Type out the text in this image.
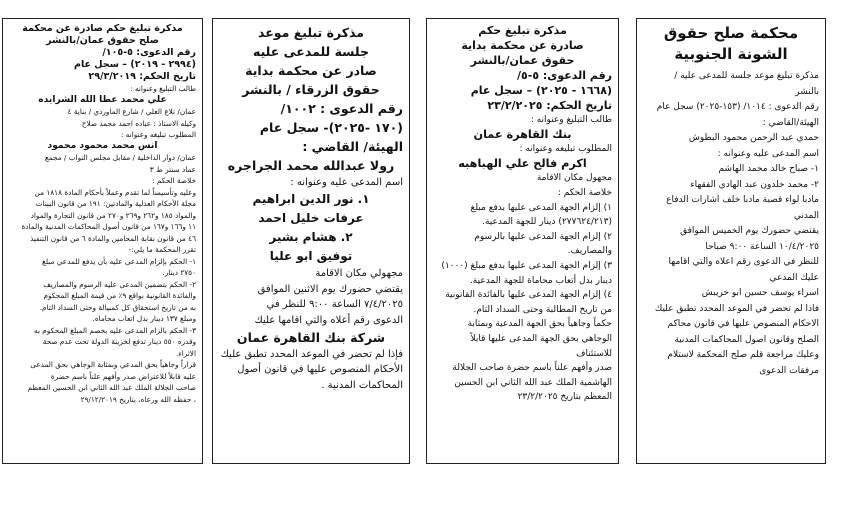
محكمة صلح حقوق

الشونة الجنوبية

مذكرة تبليغ موعد جلسة للمدعى عليه /

بالنشر

رقم الدعوى : ١٠١٤/ (١٥٣-٢٠٢٥) سجل عام

الهيئة/القاضي :

حمدي عبد الرحمن محمود البطوش

اسم المدعى عليه وعنوانه :

١- صباح خالد محمد الهاشم

٢- محمد خلدون عبد الهادي الفقهاء

مادبا لواء قصبة مادبا خلف اشارات الدفاع

المدني

يقتضي حضورك يوم الخميس الموافق

١٠/٤/٢٠٢٥ الساعة ٩:٠٠ صباحا

للنظر في الدعوى رقم اعلاه والتي اقامها

عليك المدعي

اسراء يوسف حسين ابو خريبش

فاذا لم تحضر في الموعد المحدد تطبق عليك

الاحكام المنصوص عليها في قانون محاكم

الصلح وقانون اصول المحاكمات المدنية

وعليك مراجعة قلم صلح المحكمة لاستلام

مرفقات الدعوى

مذكرة تبليغ حكم

صادرة عن محكمة بداية

حقوق عمان/بالنشر

رقم الدعوى: ٥-٥/

(١٦٦٨ - ٢٠٢٥) – سجل عام

تاريخ الحكم: ٢٣/٢/٢٠٢٥

طالب التبليغ وعنوانه :

بنك القاهرة عمان

المطلوب تبليغه وعنوانه :

اكرم فالح علي الهباهبه

مجهول مكان الاقامة

خلاصة الحكم :

١) إلزام الجهة المدعى عليها بدفع مبلغ

(٢٧٧٦٢٤/٢١٣) دينار للجهة المدعية.

٢) إلزام الجهة المدعى عليها بالرسوم

والمصاريف.

٣) إلزام الجهة المدعى عليها بدفع مبلغ (١٠٠٠)

دينار بدل أتعاب محاماة للجهة المدعية.

٤) إلزام الجهة المدعى عليها بالفائدة القانونية

من تاريخ المطالبة وحتى السداد التام.

حكماً وجاهياً بحق الجهة المدعية وبمثابة

الوجاهي بحق الجهة المدعى عليها قابلاً

للاستئناف

صدر وأفهم علناً باسم حضرة صاحب الجلالة

الهاشمية الملك عبد الله الثاني ابن الحسين

المعظم بتاريخ ٢٣/٢/٢٠٢٥

مذكرة تبليغ موعد

جلسة للمدعى عليه

صادر عن محكمة بداية

حقوق الزرقاء / بالنشر

رقم الدعوى : ١٠٠٢/

(١٧٠ -٢٠٢٥)- سجل عام

الهيئة/ القاضي :

رولا عبدالله محمد الجراجره

اسم المدعى عليه وعنوانه :

١. نور الدين ابراهيم

عرفات خليل احمد

٢. هشام بشير

توفيق ابو عليا

مجهولي مكان الاقامة

يقتضي حضورك يوم الاثنين الموافق

٧/٤/٢٠٢٥ الساعة ٩:٠٠ للنظر في

الدعوى رقم أعلاه والتي اقامها عليك

شركة بنك القاهرة عمان

فإذا لم تحضر في الموعد المحدد تطبق عليك

الأحكام المنصوص عليها في قانون أصول

المحاكمات المدنية .

مذكرة تبليغ حكم صادرة عن محكمة

صلح حقوق عمان/بالنشر

رقم الدعوى: ٥-١٠٥/

(٢٩٩٤ - ٢٠١٩) – سجل عام

تاريخ الحكم: ٢٩/٣/٢٠١٩

طالب التبليغ وعنوانه :

علي محمد عطا الله الشرايده

عمان/ تلاع العلي / شارع الماوردي / بناية ٤

وكيله الاستاذ : عباده احمد محمد صلاح

المطلوب تبليغه وعنوانه :

انس محمد محمود محمود

عمان/ دوار الداخلية / مقابل مجلس النواب / مجمع

عماد سنتر ط ٣

خلاصة الحكم :

وعليه وتأسيساً لما تقدم وعملاً بأحكام المادة ١٨١٨ من

مجلة الأحكام العدلية والمادتين: ١٩١ من قانون البينات

والمواد ١٨٥ و٢٦٢ و٢٦٩ و٢٧٠ من قانون التجارة والمواد

١١ و١٦٦ و١٦٧ من قانون أصول المحاكمات المدنية والمادة

٤٦ من قانون نقابة المحامين والمادة ٦ من قانون التنفيذ

تقرر المحكمة ما يلي:-

١- الحكم بإلزام المدعى عليه بأن يدفع للمدعي مبلغ

٢٧٥٠ دينار.

٢- الحكم بتضمين المدعى عليه الرسوم والمصاريف

والفائدة القانونية بواقع ٩٪ من قيمة المبلغ المحكوم

به من تاريخ استحقاق كل كمبيالة وحتى السداد التام.

ومبلغ ١٣٧ دينار بدل اتعاب محاماه.

٣- الحكم بالزام المدعى عليه بخصم المبلغ المحكوم به

وقدره ٥٥٠ دينار تدفع لخزينة الدولة تحت عدم صحة

الاثراء.

قراراً وجاهياً بحق المدعي وبمثابة الوجاهي بحق المدعى

عليه قابلاً للاعتراض صدر وأفهم علناً باسم حضرة

صاحب الجلالة الملك عبد الله الثاني ابن الحسين المعظم

، حفظه الله ورعاه، بتاريخ ٢٩/١٢/٢٠١٩
